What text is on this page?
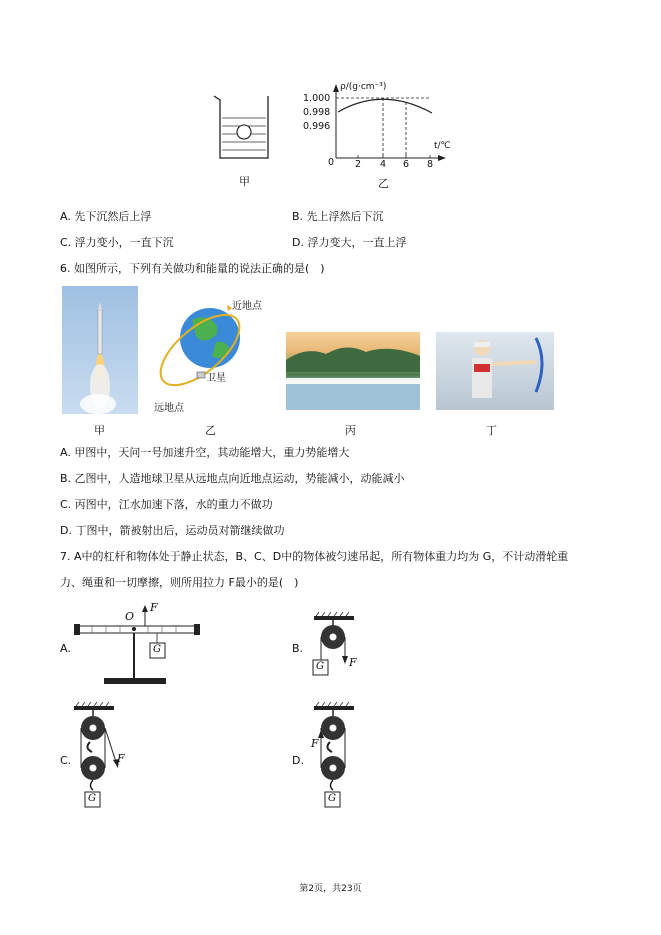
甲
ρ/(g·cm⁻³)
t/℃
1.000
0.998
0.996
0 2 4 6 8
乙
A. 先下沉然后上浮	B. 先上浮然后下沉
C. 浮力变小，一直下沉	D. 浮力变大，一直上浮
6. 如图所示，下列有关做功和能量的说法正确的是(　)
甲
近地点
卫星
远地点
乙	丙	丁
A. 甲图中，天问一号加速升空，其动能增大，重力势能增大
B. 乙图中，人造地球卫星从远地点向近地点运动，势能减小，动能减小
C. 丙图中，江水加速下落，水的重力不做功
D. 丁图中，箭被射出后，运动员对箭继续做功
7. A中的杠杆和物体处于静止状态，B、C、D中的物体被匀速吊起，所有物体重力均为 G，不计动滑轮重
力、绳重和一切摩擦，则所用拉力 F最小的是(　)
A.
O
F
G	B.
F
G
C.	F
G
D.
F
G
第2页，共23页
